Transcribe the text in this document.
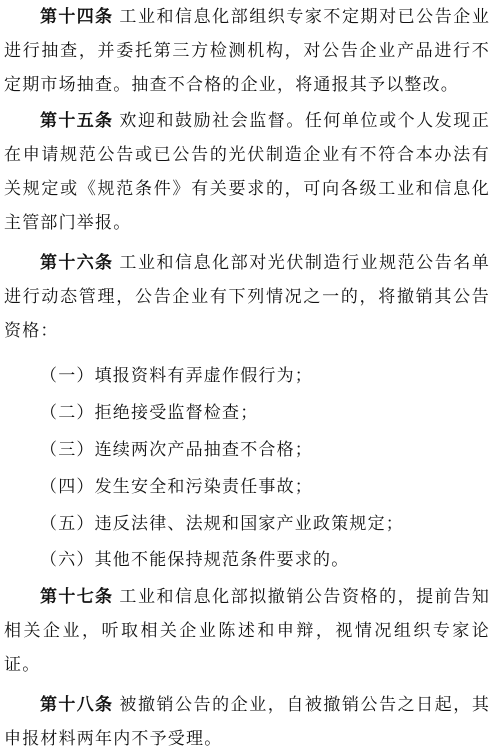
第十四条 工业和信息化部组织专家不定期对已公告企业进行抽查，并委托第三方检测机构，对公告企业产品进行不定期市场抽查。抽查不合格的企业，将通报其予以整改。

第十五条 欢迎和鼓励社会监督。任何单位或个人发现正在申请规范公告或已公告的光伏制造企业有不符合本办法有关规定或《规范条件》有关要求的，可向各级工业和信息化主管部门举报。

第十六条 工业和信息化部对光伏制造行业规范公告名单进行动态管理，公告企业有下列情况之一的，将撤销其公告资格：

（一）填报资料有弄虚作假行为；

（二）拒绝接受监督检查；

（三）连续两次产品抽查不合格；

（四）发生安全和污染责任事故；

（五）违反法律、法规和国家产业政策规定；

（六）其他不能保持规范条件要求的。

第十七条 工业和信息化部拟撤销公告资格的，提前告知相关企业，听取相关企业陈述和申辩，视情况组织专家论证。

第十八条 被撤销公告的企业，自被撤销公告之日起，其申报材料两年内不予受理。
